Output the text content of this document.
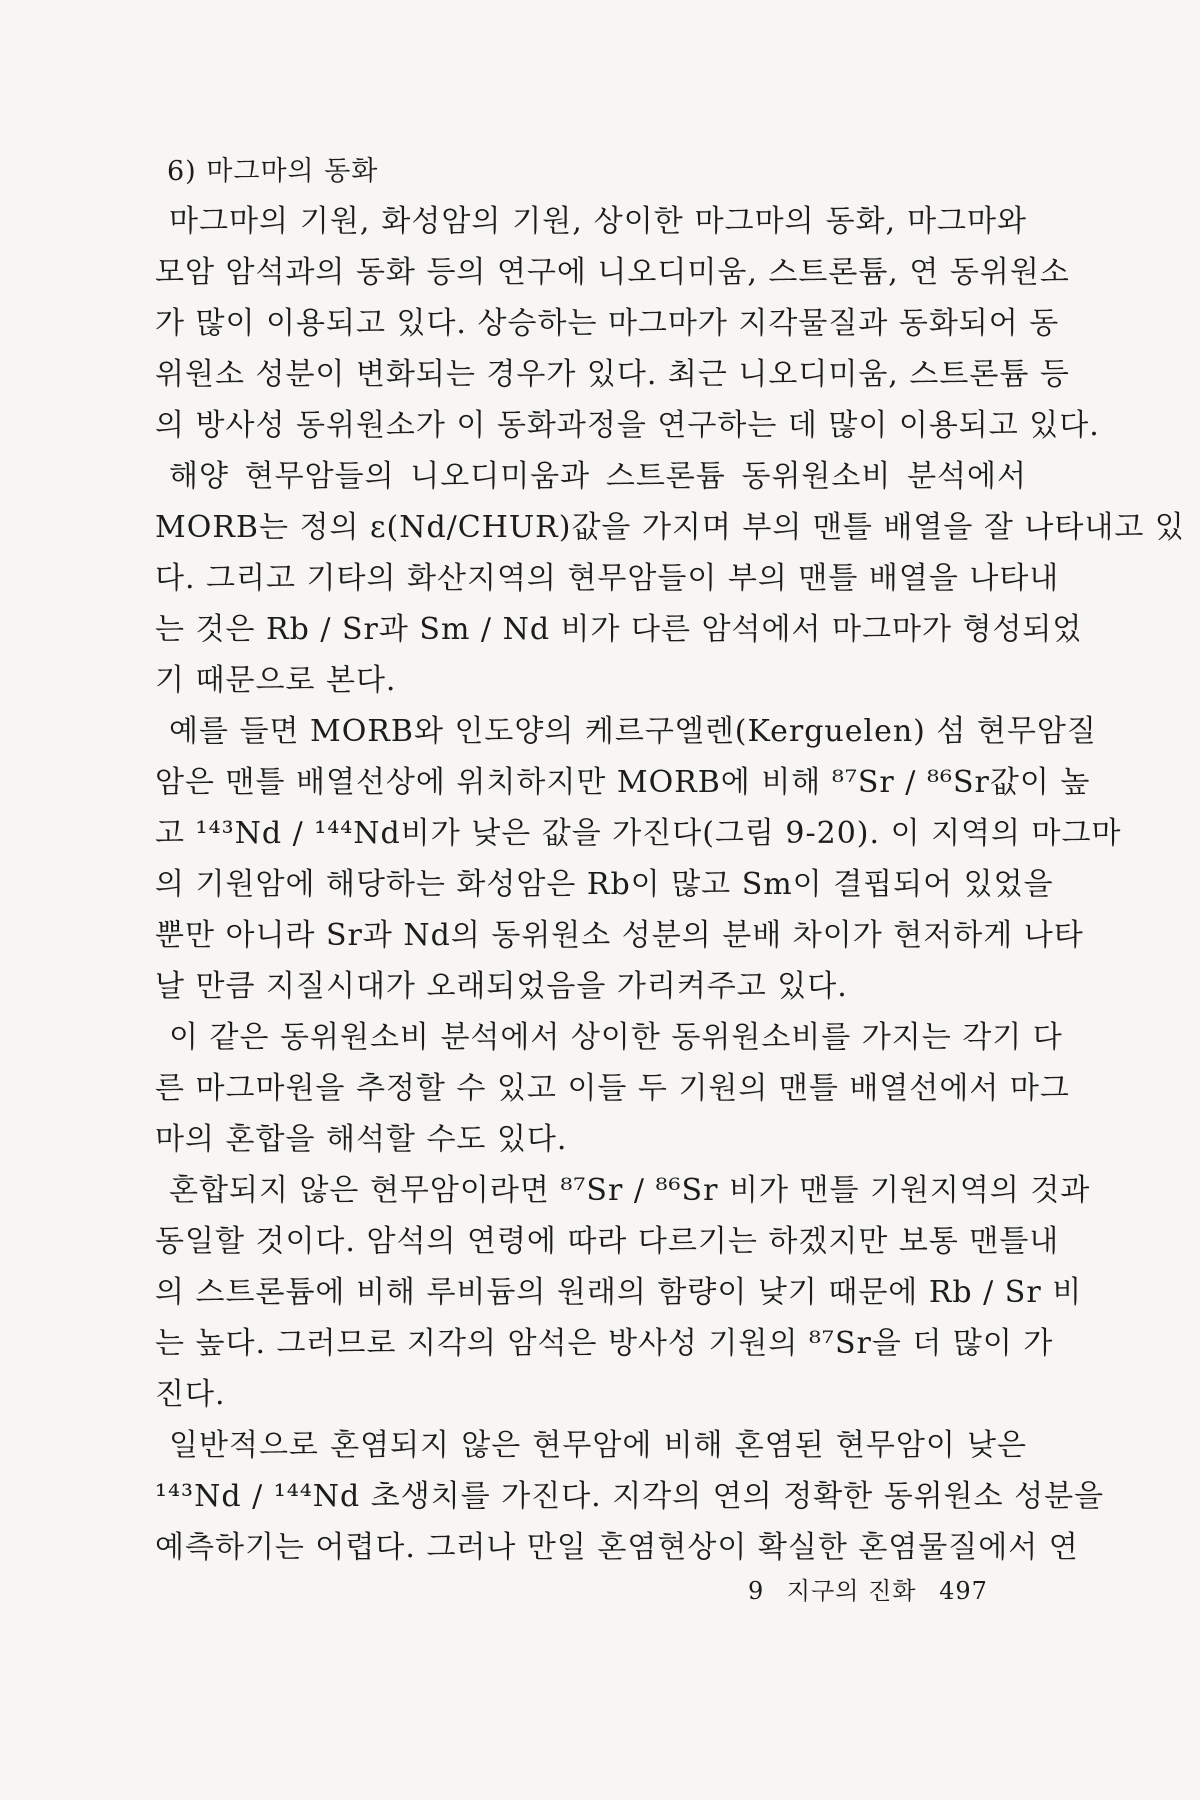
6) 마그마의 동화
마그마의 기원, 화성암의 기원, 상이한 마그마의 동화, 마그마와
모암 암석과의 동화 등의 연구에 니오디미움, 스트론튬, 연 동위원소
가 많이 이용되고 있다. 상승하는 마그마가 지각물질과 동화되어 동
위원소 성분이 변화되는 경우가 있다. 최근 니오디미움, 스트론튬 등
의 방사성 동위원소가 이 동화과정을 연구하는 데 많이 이용되고 있다.
해양 현무암들의 니오디미움과 스트론튬 동위원소비 분석에서
MORB는 정의 ε(Nd/CHUR)값을 가지며 부의 맨틀 배열을 잘 나타내고 있
다. 그리고 기타의 화산지역의 현무암들이 부의 맨틀 배열을 나타내
는 것은 Rb / Sr과 Sm / Nd 비가 다른 암석에서 마그마가 형성되었
기 때문으로 본다.
예를 들면 MORB와 인도양의 케르구엘렌(Kerguelen) 섬 현무암질
암은 맨틀 배열선상에 위치하지만 MORB에 비해 ⁸⁷Sr / ⁸⁶Sr값이 높
고 ¹⁴³Nd / ¹⁴⁴Nd비가 낮은 값을 가진다(그림 9-20). 이 지역의 마그마
의 기원암에 해당하는 화성암은 Rb이 많고 Sm이 결핍되어 있었을
뿐만 아니라 Sr과 Nd의 동위원소 성분의 분배 차이가 현저하게 나타
날 만큼 지질시대가 오래되었음을 가리켜주고 있다.
이 같은 동위원소비 분석에서 상이한 동위원소비를 가지는 각기 다
른 마그마원을 추정할 수 있고 이들 두 기원의 맨틀 배열선에서 마그
마의 혼합을 해석할 수도 있다.
혼합되지 않은 현무암이라면 ⁸⁷Sr / ⁸⁶Sr 비가 맨틀 기원지역의 것과
동일할 것이다. 암석의 연령에 따라 다르기는 하겠지만 보통 맨틀내
의 스트론튬에 비해 루비듐의 원래의 함량이 낮기 때문에 Rb / Sr 비
는 높다. 그러므로 지각의 암석은 방사성 기원의 ⁸⁷Sr을 더 많이 가
진다.
일반적으로 혼염되지 않은 현무암에 비해 혼염된 현무암이 낮은
¹⁴³Nd / ¹⁴⁴Nd 초생치를 가진다. 지각의 연의 정확한 동위원소 성분을
예측하기는 어렵다. 그러나 만일 혼염현상이 확실한 혼염물질에서 연
9 지구의 진화 497
